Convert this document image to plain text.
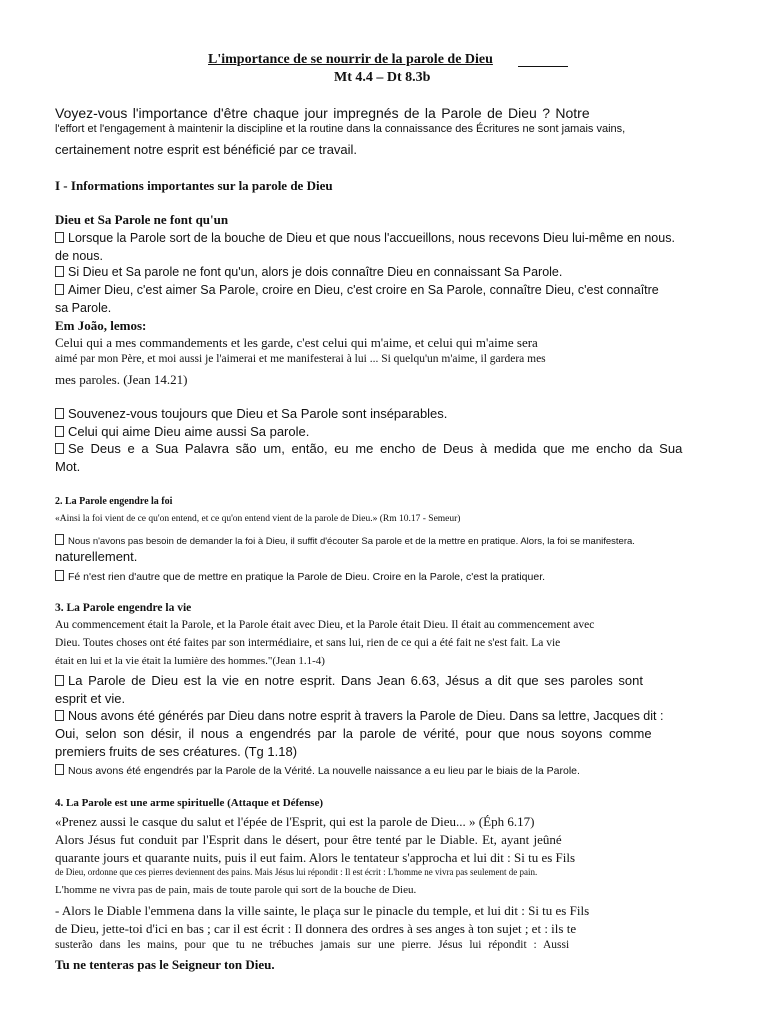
L'importance de se nourrir de la parole de Dieu
Mt 4.4 – Dt 8.3b
Voyez-vous l'importance d'être chaque jour impregnés de la Parole de Dieu ? Notre
l'effort et l'engagement à maintenir la discipline et la routine dans la connaissance des Écritures ne sont jamais vains,
certainement notre esprit est bénéficié par ce travail.
I - Informations importantes sur la parole de Dieu
Dieu et Sa Parole ne font qu'un
Lorsque la Parole sort de la bouche de Dieu et que nous l'accueillons, nous recevons Dieu lui-même en nous.
de nous.
Si Dieu et Sa parole ne font qu'un, alors je dois connaître Dieu en connaissant Sa Parole.
Aimer Dieu, c'est aimer Sa Parole, croire en Dieu, c'est croire en Sa Parole, connaître Dieu, c'est connaître
sa Parole.
Em João, lemos:
Celui qui a mes commandements et les garde, c'est celui qui m'aime, et celui qui m'aime sera
aimé par mon Père, et moi aussi je l'aimerai et me manifesterai à lui ... Si quelqu'un m'aime, il gardera mes
mes paroles. (Jean 14.21)
Souvenez-vous toujours que Dieu et Sa Parole sont inséparables.
Celui qui aime Dieu aime aussi Sa parole.
Se Deus e a Sua Palavra são um, então, eu me encho de Deus à medida que me encho da Sua
Mot.
2. La Parole engendre la foi
«Ainsi la foi vient de ce qu'on entend, et ce qu'on entend vient de la parole de Dieu.» (Rm 10.17 - Semeur)
Nous n'avons pas besoin de demander la foi à Dieu, il suffit d'écouter Sa parole et de la mettre en pratique. Alors, la foi se manifestera.
naturellement.
Fé n'est rien d'autre que de mettre en pratique la Parole de Dieu. Croire en la Parole, c'est la pratiquer.
3. La Parole engendre la vie
Au commencement était la Parole, et la Parole était avec Dieu, et la Parole était Dieu. Il était au commencement avec
Dieu. Toutes choses ont été faites par son intermédiaire, et sans lui, rien de ce qui a été fait ne s'est fait. La vie
était en lui et la vie était la lumière des hommes."(Jean 1.1-4)
La Parole de Dieu est la vie en notre esprit. Dans Jean 6.63, Jésus a dit que ses paroles sont
esprit et vie.
Nous avons été générés par Dieu dans notre esprit à travers la Parole de Dieu. Dans sa lettre, Jacques dit :
Oui, selon son désir, il nous a engendrés par la parole de vérité, pour que nous soyons comme
premiers fruits de ses créatures. (Tg 1.18)
Nous avons été engendrés par la Parole de la Vérité. La nouvelle naissance a eu lieu par le biais de la Parole.
4. La Parole est une arme spirituelle (Attaque et Défense)
«Prenez aussi le casque du salut et l'épée de l'Esprit, qui est la parole de Dieu... » (Éph 6.17)
Alors Jésus fut conduit par l'Esprit dans le désert, pour être tenté par le Diable. Et, ayant jeûné
quarante jours et quarante nuits, puis il eut faim. Alors le tentateur s'approcha et lui dit : Si tu es Fils
de Dieu, ordonne que ces pierres deviennent des pains. Mais Jésus lui répondit : Il est écrit : L'homme ne vivra pas seulement de pain.
L'homme ne vivra pas de pain, mais de toute parole qui sort de la bouche de Dieu.
- Alors le Diable l'emmena dans la ville sainte, le plaça sur le pinacle du temple, et lui dit : Si tu es Fils
de Dieu, jette-toi d'ici en bas ; car il est écrit : Il donnera des ordres à ses anges à ton sujet ; et : ils te
susterão dans les mains, pour que tu ne trébuches jamais sur une pierre. Jésus lui répondit : Aussi
Tu ne tenteras pas le Seigneur ton Dieu.
